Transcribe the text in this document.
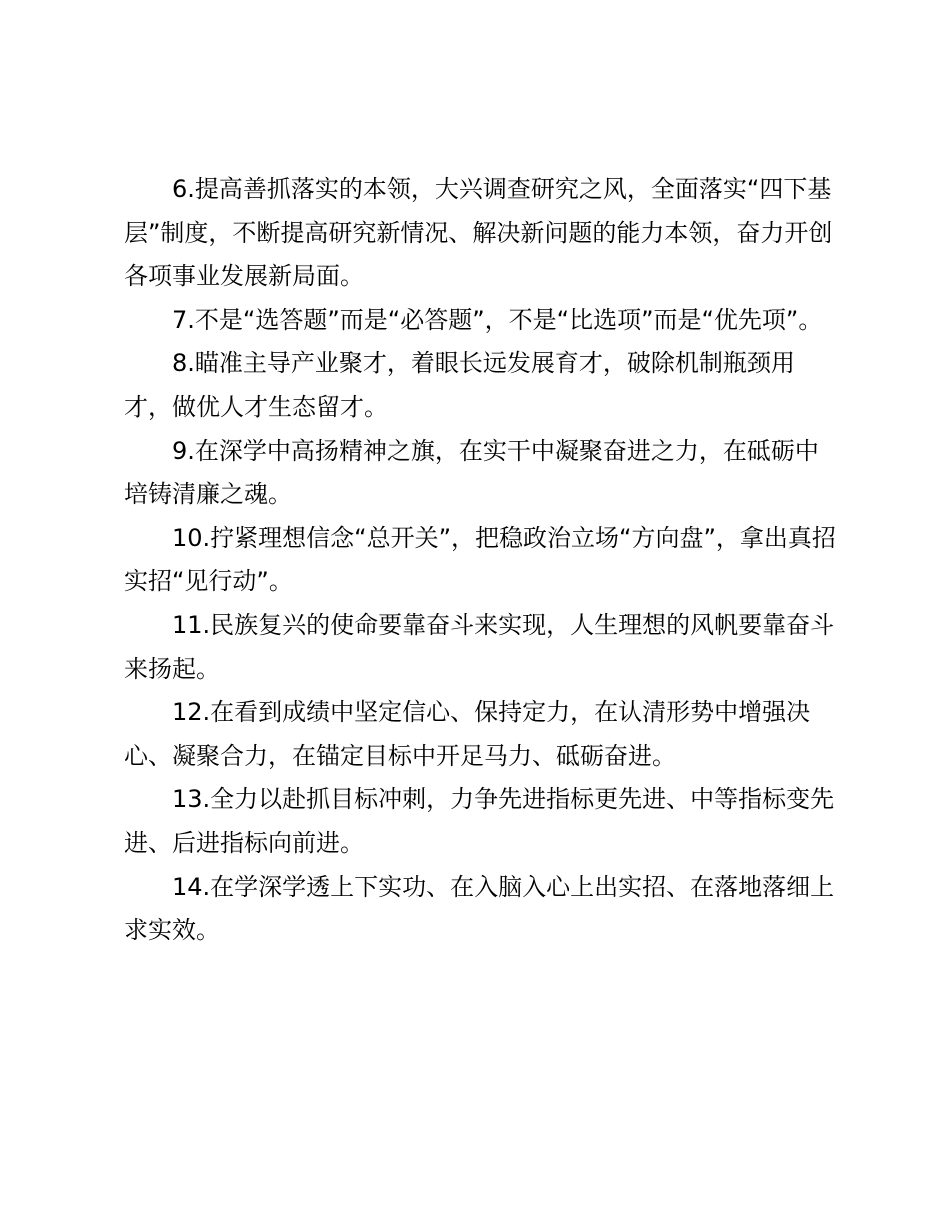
6.提高善抓落实的本领，大兴调查研究之风，全面落实“四下基层”制度，不断提高研究新情况、解决新问题的能力本领，奋力开创各项事业发展新局面。

7.不是“选答题”而是“必答题”，不是“比选项”而是“优先项”。

8.瞄准主导产业聚才，着眼长远发展育才，破除机制瓶颈用才，做优人才生态留才。

9.在深学中高扬精神之旗，在实干中凝聚奋进之力，在砥砺中培铸清廉之魂。

10.拧紧理想信念“总开关”，把稳政治立场“方向盘”，拿出真招实招“见行动”。

11.民族复兴的使命要靠奋斗来实现，人生理想的风帆要靠奋斗来扬起。

12.在看到成绩中坚定信心、保持定力，在认清形势中增强决心、凝聚合力，在锚定目标中开足马力、砥砺奋进。

13.全力以赴抓目标冲刺，力争先进指标更先进、中等指标变先进、后进指标向前进。

14.在学深学透上下实功、在入脑入心上出实招、在落地落细上求实效。
